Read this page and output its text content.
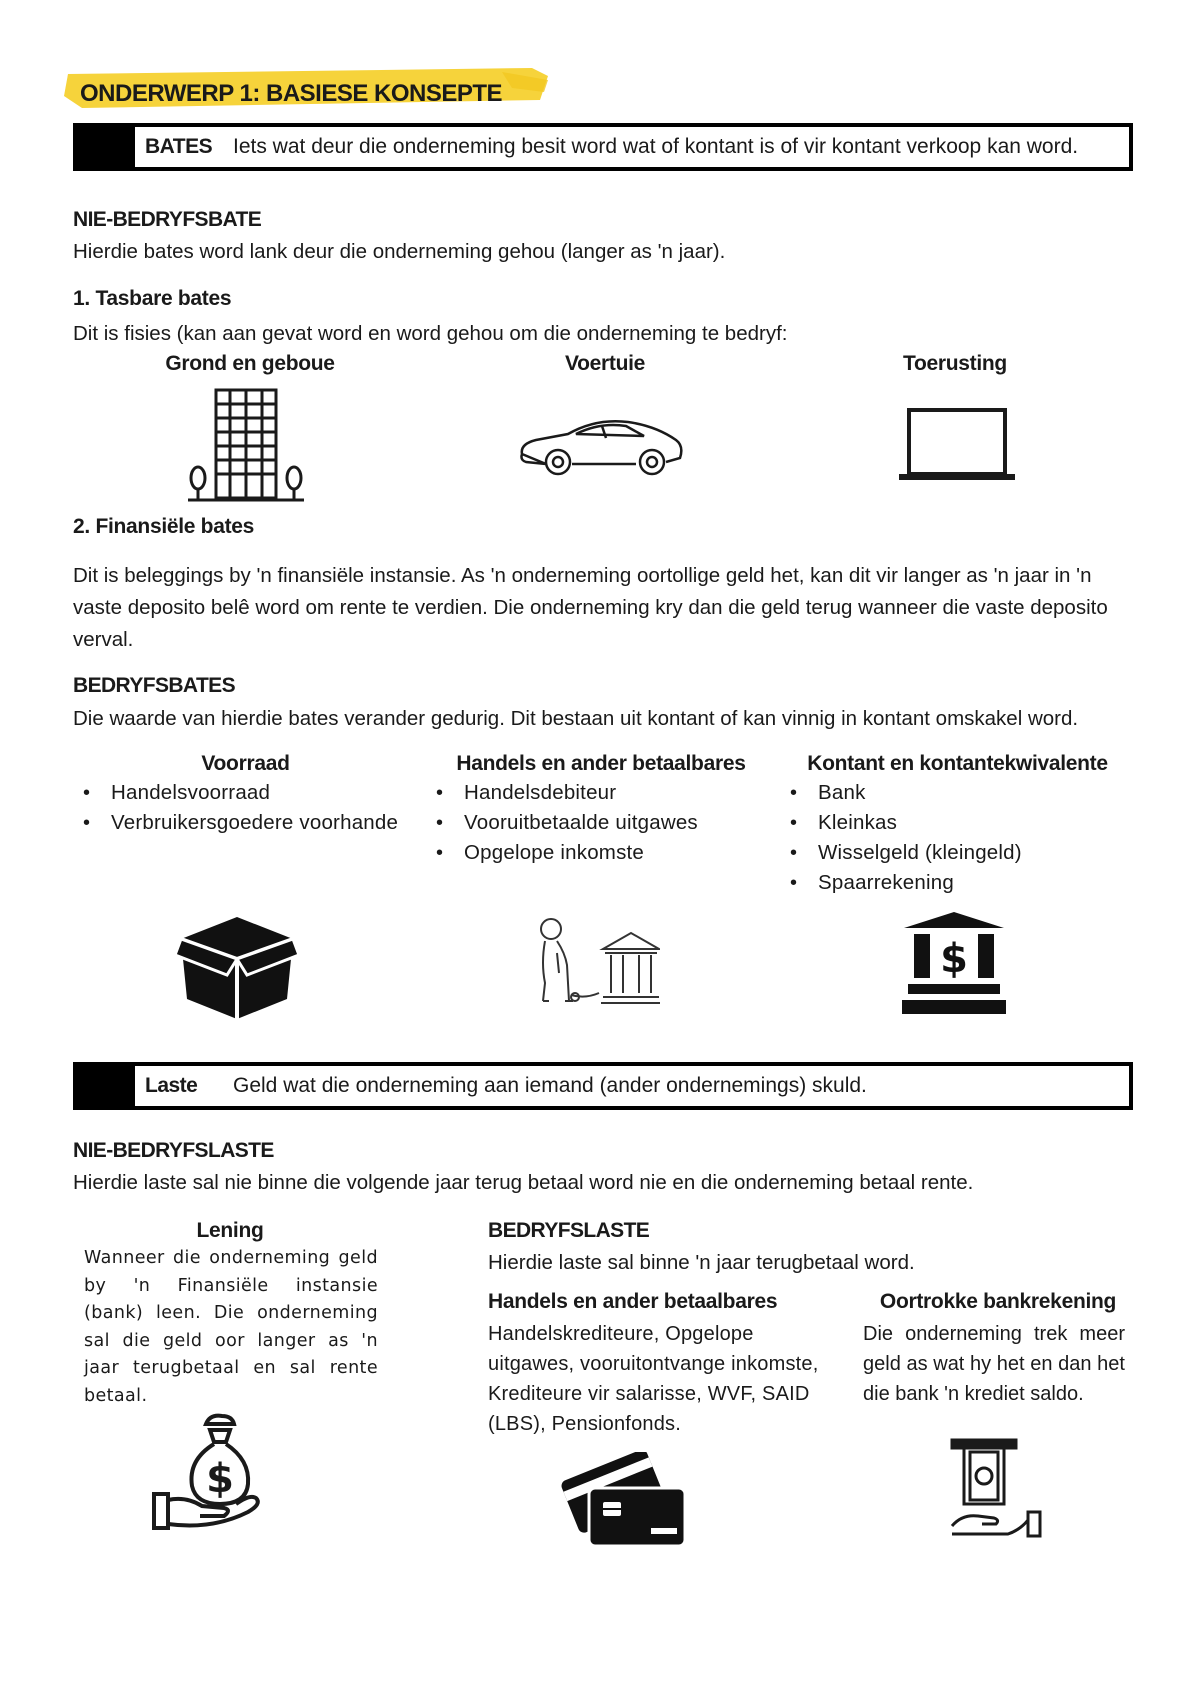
ONDERWERP 1: BASIESE KONSEPTE
BATES Iets wat deur die onderneming besit word wat of kontant is of vir kontant verkoop kan word.
NIE-BEDRYFSBATE
Hierdie bates word lank deur die onderneming gehou (langer as 'n jaar).
1. Tasbare bates
Dit is fisies (kan aan gevat word en word gehou om die onderneming te bedryf:
Grond en geboue	Voertuie	Toerusting
2. Finansiële bates
Dit is beleggings by 'n finansiële instansie. As 'n onderneming oortollige geld het, kan dit vir langer as 'n jaar in 'n vaste deposito belê word om rente te verdien. Die onderneming kry dan die geld terug wanneer die vaste deposito verval.
BEDRYFSBATES
Die waarde van hierdie bates verander gedurig. Dit bestaan uit kontant of kan vinnig in kontant omskakel word.
Voorraad
• Handelsvoorraad
• Verbruikersgoedere voorhande
Handels en ander betaalbares
• Handelsdebiteur
• Vooruitbetaalde uitgawes
• Opgelope inkomste
Kontant en kontantekwivalente
• Bank
• Kleinkas
• Wisselgeld (kleingeld)
• Spaarrekening
$
Laste	Geld wat die onderneming aan iemand (ander ondernemings) skuld.
NIE-BEDRYFSLASTE
Hierdie laste sal nie binne die volgende jaar terug betaal word nie en die onderneming betaal rente.
Lening
Wanneer die onderneming geld by 'n Finansiële instansie (bank) leen. Die onderneming sal die geld oor langer as 'n jaar terugbetaal en sal rente betaal.
$
BEDRYFSLASTE
Hierdie laste sal binne 'n jaar terugbetaal word.
Handels en ander betaalbares
Handelskrediteure, Opgelope uitgawes, vooruitontvange inkomste, Krediteure vir salarisse, WVF, SAID (LBS), Pensionfonds.
Oortrokke bankrekening
Die onderneming trek meer geld as wat hy het en dan het die bank 'n krediet saldo.
